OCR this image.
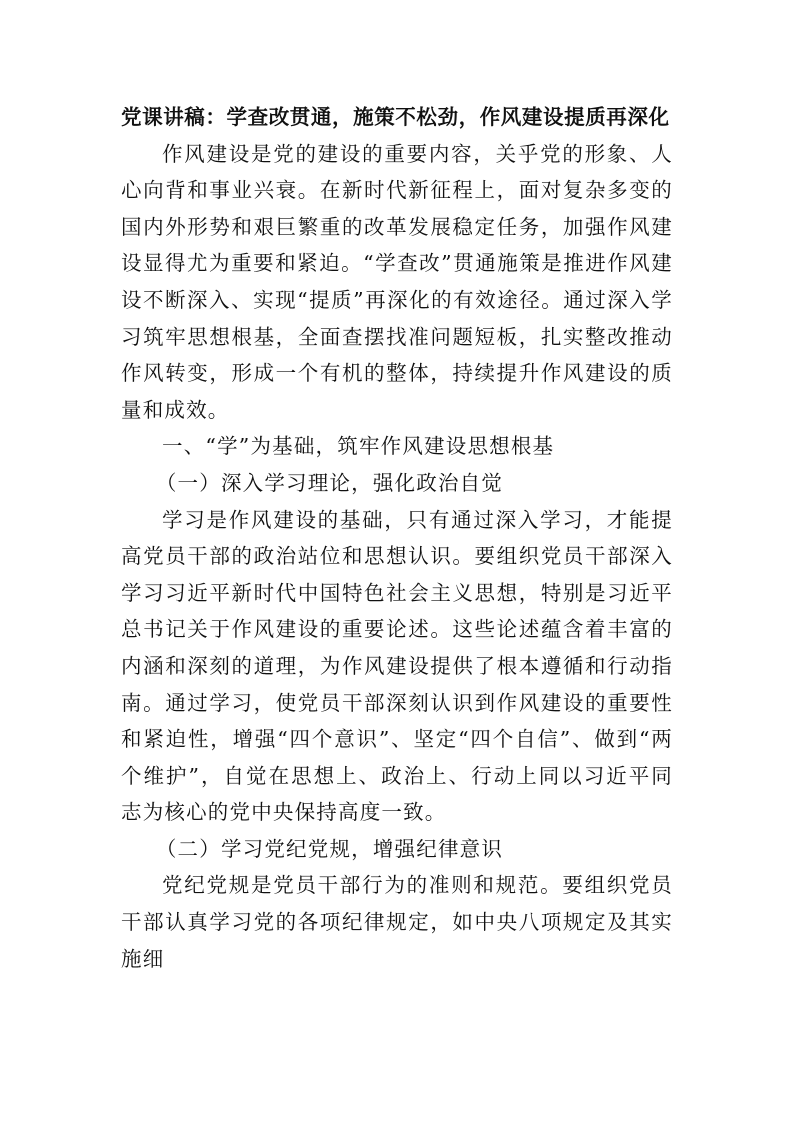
党课讲稿：学查改贯通，施策不松劲，作风建设提质再深化

作风建设是党的建设的重要内容，关乎党的形象、人心向背和事业兴衰。在新时代新征程上，面对复杂多变的国内外形势和艰巨繁重的改革发展稳定任务，加强作风建设显得尤为重要和紧迫。“学查改”贯通施策是推进作风建设不断深入、实现“提质”再深化的有效途径。通过深入学习筑牢思想根基，全面查摆找准问题短板，扎实整改推动作风转变，形成一个有机的整体，持续提升作风建设的质量和成效。

一、“学”为基础，筑牢作风建设思想根基

（一）深入学习理论，强化政治自觉

学习是作风建设的基础，只有通过深入学习，才能提高党员干部的政治站位和思想认识。要组织党员干部深入学习习近平新时代中国特色社会主义思想，特别是习近平总书记关于作风建设的重要论述。这些论述蕴含着丰富的内涵和深刻的道理，为作风建设提供了根本遵循和行动指南。通过学习，使党员干部深刻认识到作风建设的重要性和紧迫性，增强“四个意识”、坚定“四个自信”、做到“两个维护”，自觉在思想上、政治上、行动上同以习近平同志为核心的党中央保持高度一致。

（二）学习党纪党规，增强纪律意识

党纪党规是党员干部行为的准则和规范。要组织党员干部认真学习党的各项纪律规定，如中央八项规定及其实施细
